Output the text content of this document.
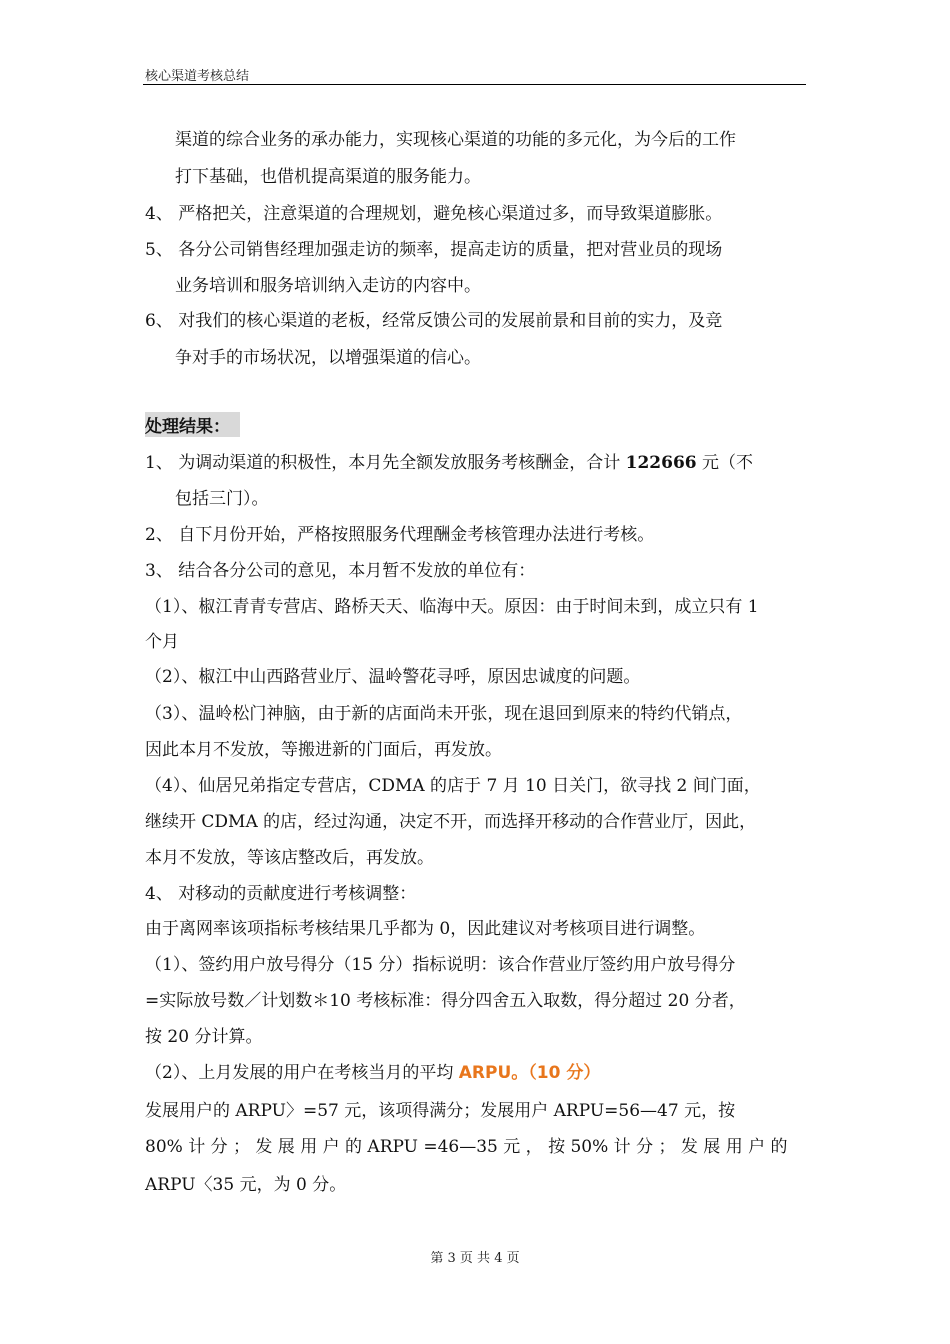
核心渠道考核总结
渠道的综合业务的承办能力，实现核心渠道的功能的多元化，为今后的工作
打下基础，也借机提高渠道的服务能力。
4、 严格把关，注意渠道的合理规划，避免核心渠道过多，而导致渠道膨胀。
5、 各分公司销售经理加强走访的频率，提高走访的质量，把对营业员的现场
业务培训和服务培训纳入走访的内容中。
6、 对我们的核心渠道的老板，经常反馈公司的发展前景和目前的实力，及竞
争对手的市场状况，以增强渠道的信心。
处理结果：
1、 为调动渠道的积极性，本月先全额发放服务考核酬金，合计 122666 元（不
包括三门）。
2、 自下月份开始，严格按照服务代理酬金考核管理办法进行考核。
3、 结合各分公司的意见，本月暂不发放的单位有：
（1）、椒江青青专营店、路桥天天、临海中天。原因：由于时间未到，成立只有 1
个月
（2）、椒江中山西路营业厅、温岭警花寻呼，原因忠诚度的问题。
（3）、温岭松门神脑，由于新的店面尚未开张，现在退回到原来的特约代销点，
因此本月不发放，等搬进新的门面后，再发放。
（4）、仙居兄弟指定专营店，CDMA 的店于 7 月 10 日关门，欲寻找 2 间门面，
继续开 CDMA 的店，经过沟通，决定不开，而选择开移动的合作营业厅，因此，
本月不发放，等该店整改后，再发放。
4、 对移动的贡献度进行考核调整：
由于离网率该项指标考核结果几乎都为 0，因此建议对考核项目进行调整。
（1）、签约用户放号得分（15 分）指标说明：该合作营业厅签约用户放号得分
=实际放号数／计划数＊10 考核标准：得分四舍五入取数，得分超过 20 分者，
按 20 分计算。
（2）、上月发展的用户在考核当月的平均 ARPU。（10 分）
发展用户的 ARPU〉=57 元，该项得满分；发展用户 ARPU=56—47 元，按
80% 计 分 ； 发 展 用 户 的 ARPU =46—35 元 ， 按 50% 计 分 ； 发 展 用 户 的
ARPU〈35 元，为 0 分。
第 3 页 共 4 页
